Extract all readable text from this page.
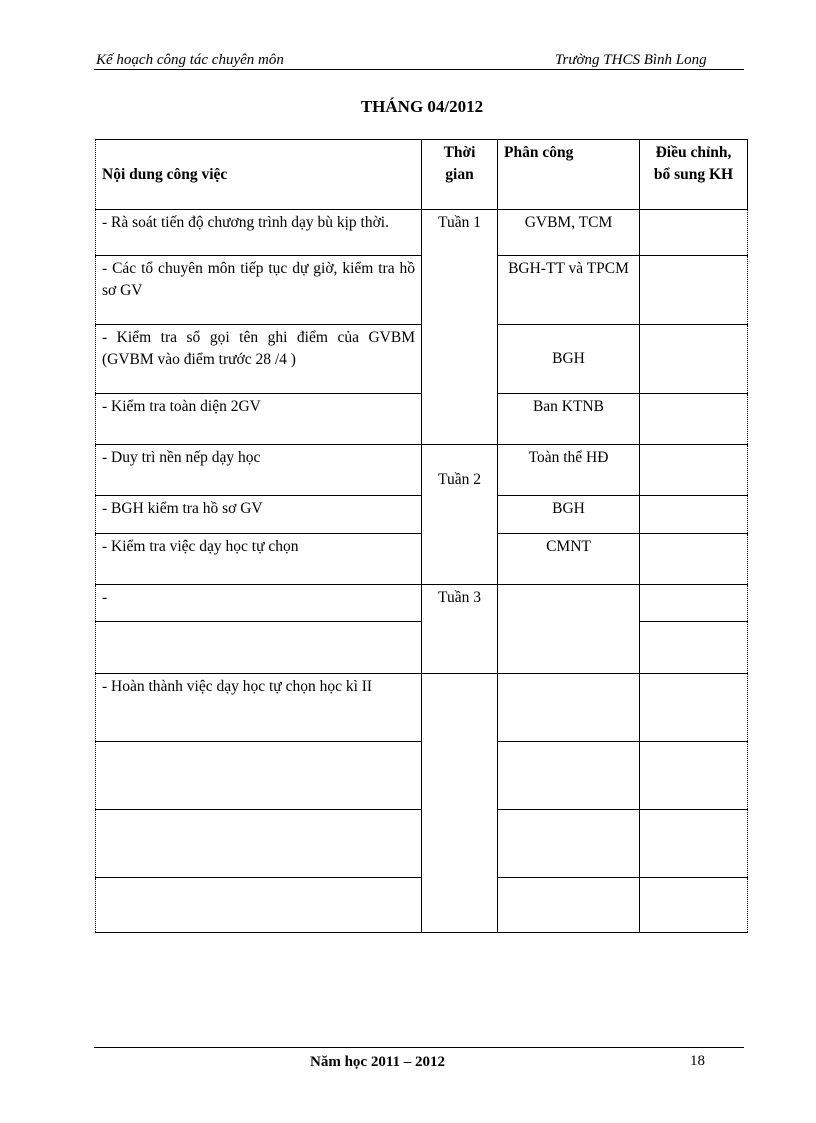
Kế hoạch công tác chuyên môn	Trường THCS Bình Long
THÁNG 04/2012
Nội dung công việc	Thời gian	Phân công	Điều chỉnh, bổ sung KH
- Rà soát tiến độ chương trình dạy bù kịp thời.	Tuần 1	GVBM, TCM	
- Các tổ chuyên môn tiếp tục dự giờ, kiểm tra hồ sơ GV		BGH-TT và TPCM	
- Kiểm tra sổ gọi tên ghi điểm của GVBM (GVBM vào điểm trước 28 /4 )		BGH	
- Kiểm tra toàn diện 2GV		Ban KTNB	
- Duy trì nền nếp dạy học	Tuần 2	Toàn thể HĐ	
- BGH kiểm tra hồ sơ GV		BGH	
- Kiểm tra việc dạy học tự chọn		CMNT	
-	Tuần 3		

- Hoàn thành việc dạy học tự chọn học kì II			

Năm học 2011 – 2012	18
